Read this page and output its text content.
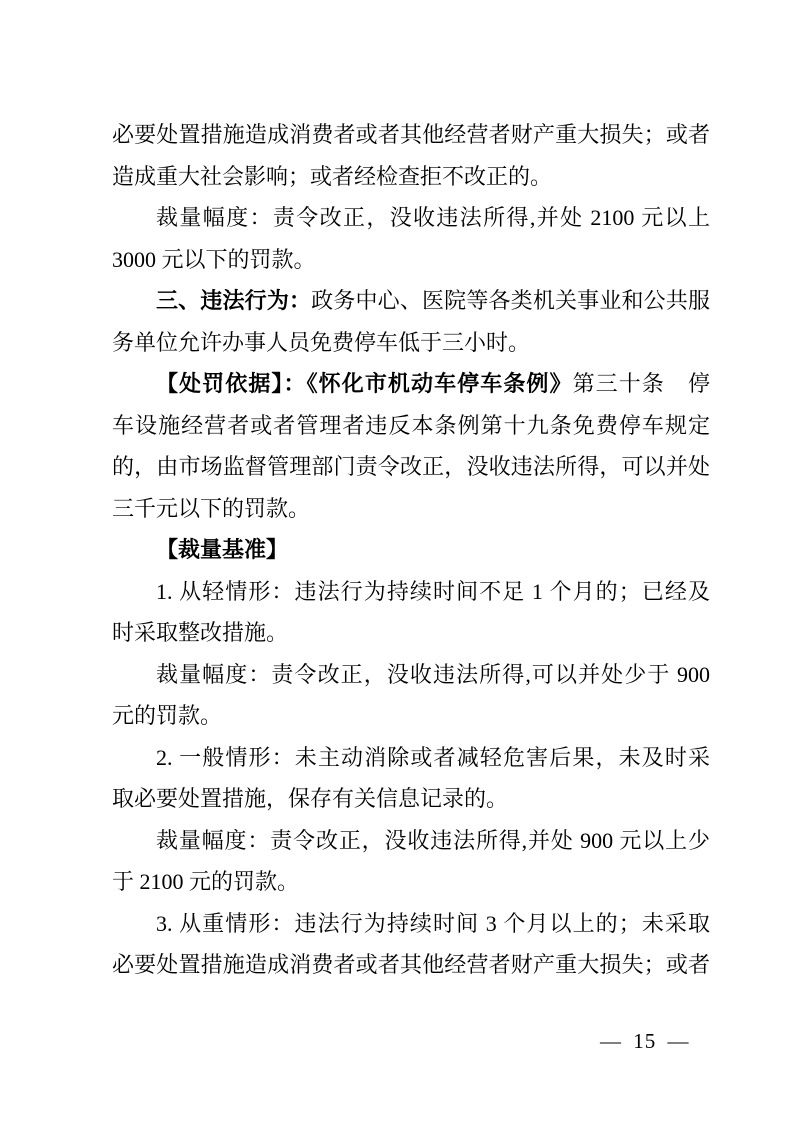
必要处置措施造成消费者或者其他经营者财产重大损失；或者
造成重大社会影响；或者经检查拒不改正的。
裁量幅度：责令改正，没收违法所得,并处 2100 元以上
3000 元以下的罚款。
三、违法行为：政务中心、医院等各类机关事业和公共服
务单位允许办事人员免费停车低于三小时。
【处罚依据】：《怀化市机动车停车条例》第三十条　停
车设施经营者或者管理者违反本条例第十九条免费停车规定
的，由市场监督管理部门责令改正，没收违法所得，可以并处
三千元以下的罚款。
【裁量基准】
1. 从轻情形：违法行为持续时间不足 1 个月的；已经及
时采取整改措施。
裁量幅度：责令改正，没收违法所得,可以并处少于 900
元的罚款。
2. 一般情形：未主动消除或者减轻危害后果，未及时采
取必要处置措施，保存有关信息记录的。
裁量幅度：责令改正，没收违法所得,并处 900 元以上少
于 2100 元的罚款。
3. 从重情形：违法行为持续时间 3 个月以上的；未采取
必要处置措施造成消费者或者其他经营者财产重大损失；或者
— 15 —
